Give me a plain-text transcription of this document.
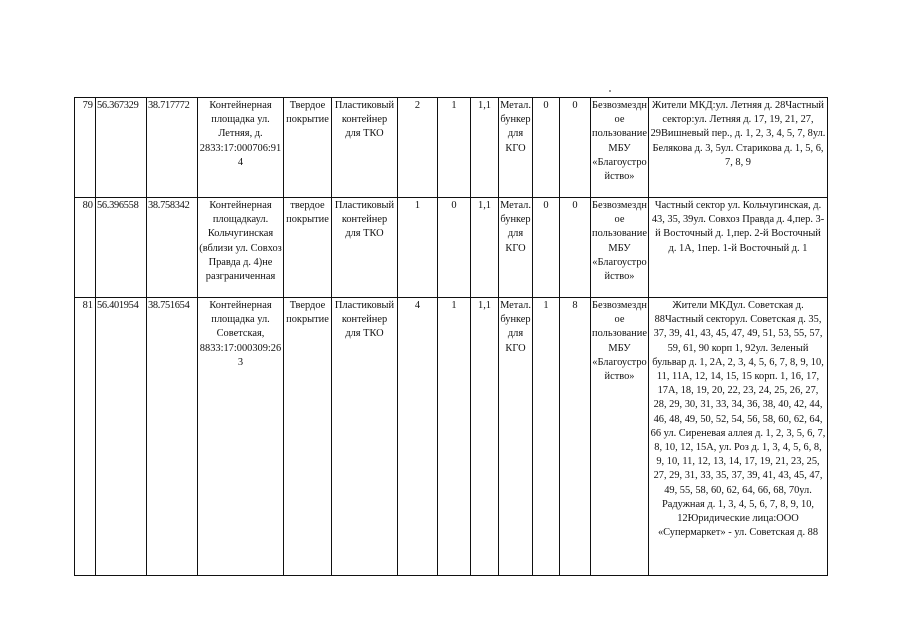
79	56.367329	38.717772	Контейнерная площадка ул. Летняя, д. 2833:17:000706:914	Твердое покрытие	Пластиковый контейнер для ТКО	2	1	1,1	Метал. бункер для КГО	0	0	Безвозмездное пользование МБУ «Благоустройство»	Жители МКД:ул. Летняя д. 28Частный сектор:ул. Летняя д. 17, 19, 21, 27, 29Вишневый пер., д. 1, 2, 3, 4, 5, 7, 8ул. Белякова д. 3, 5ул. Старикова д. 1, 5, 6, 7, 8, 9
80	56.396558	38.758342	Контейнерная площадкаул. Кольчугинская (вблизи ул. Совхоз Правда д. 4)не разграниченная	твердое покрытие	Пластиковый контейнер для ТКО	1	0	1,1	Метал. бункер для КГО	0	0	Безвозмездное пользование МБУ «Благоустройство»	Частный сектор ул. Кольчугинская, д. 43, 35, 39ул. Совхоз Правда д. 4,пер. 3-й Восточный д. 1,пер. 2-й Восточный д. 1А, 1пер. 1-й Восточный д. 1
81	56.401954	38.751654	Контейнерная площадка ул. Советская, 8833:17:000309:263	Твердое покрытие	Пластиковый контейнер для ТКО	4	1	1,1	Метал. бункер для КГО	1	8	Безвозмездное пользование МБУ «Благоустройство»	Жители МКДул. Советская д. 88Частный секторул. Советская д. 35, 37, 39, 41, 43, 45, 47, 49, 51, 53, 55, 57, 59, 61, 90 корп 1, 92ул. Зеленый бульвар д. 1, 2А, 2, 3, 4, 5, 6, 7, 8, 9, 10, 11, 11А, 12, 14, 15, 15 корп. 1, 16, 17, 17А, 18, 19, 20, 22, 23, 24, 25, 26, 27, 28, 29, 30, 31, 33, 34, 36, 38, 40, 42, 44, 46, 48, 49, 50, 52, 54, 56, 58, 60, 62, 64, 66 ул. Сиреневая аллея д. 1, 2, 3, 5, 6, 7, 8, 10, 12, 15А, ул. Роз д. 1, 3, 4, 5, 6, 8, 9, 10, 11, 12, 13, 14, 17, 19, 21, 23, 25, 27, 29, 31, 33, 35, 37, 39, 41, 43, 45, 47, 49, 55, 58, 60, 62, 64, 66, 68, 70ул. Радужная д. 1, 3, 4, 5, 6, 7, 8, 9, 10, 12Юридические лица:ООО «Супермаркет» - ул. Советская д. 88
